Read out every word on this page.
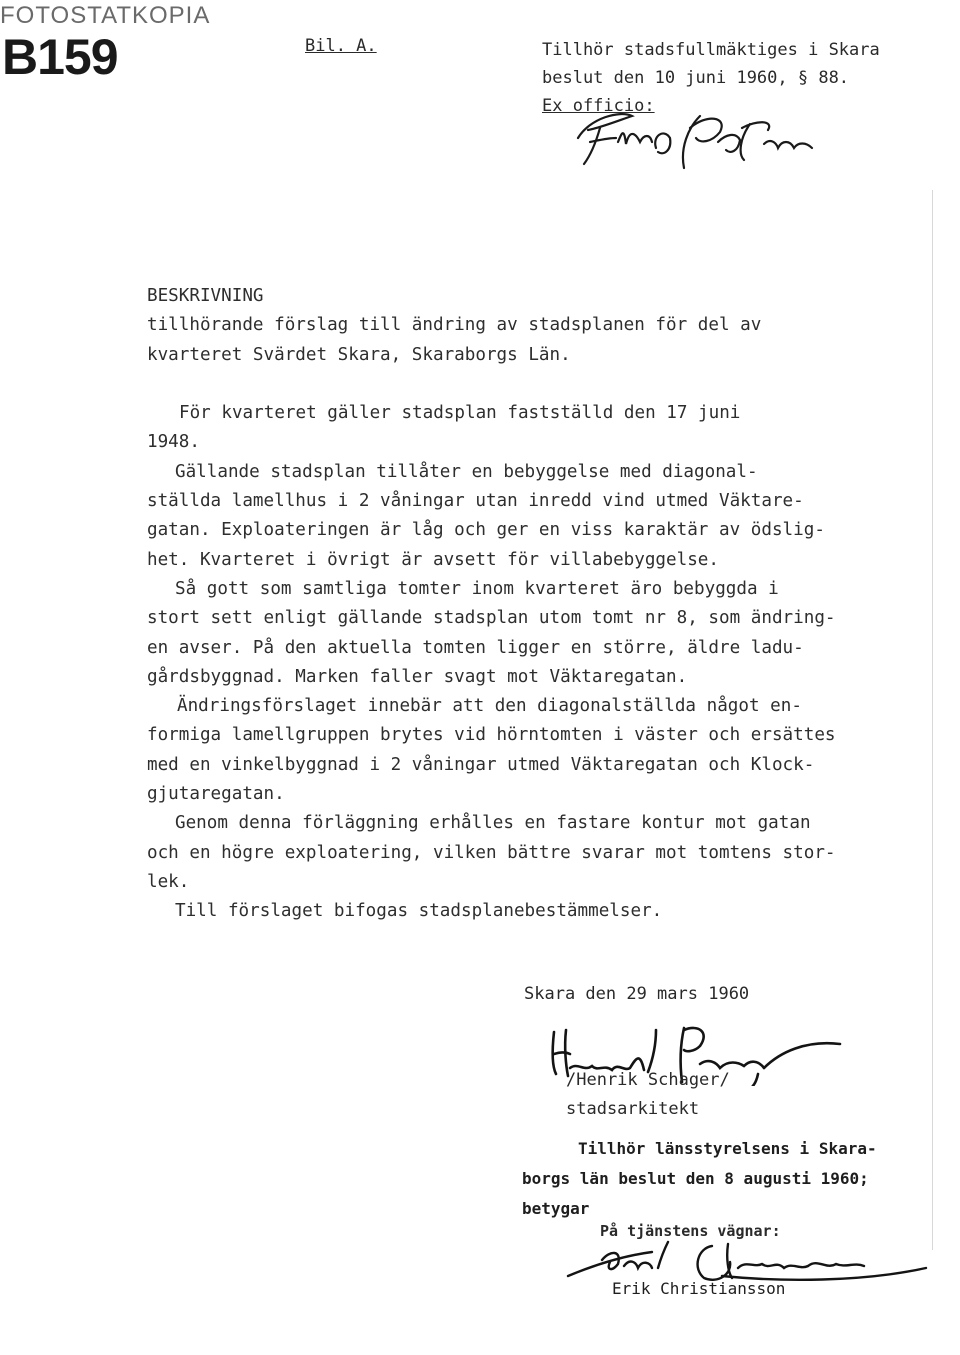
FOTOSTATKOPIA
B159	Bil. A.	Tillhör stadsfullmäktiges i Skara
beslut den 10 juni 1960, § 88.
Ex officio:

BESKRIVNING

tillhörande förslag till ändring av stadsplanen för del av

kvarteret Svärdet Skara, Skaraborgs Län.

För kvarteret gäller stadsplan fastställd den 17 juni

1948.

Gällande stadsplan tillåter en bebyggelse med diagonal-

ställda lamellhus i 2 våningar utan inredd vind utmed Väktare-

gatan. Exploateringen är låg och ger en viss karaktär av ödslig-

het. Kvarteret i övrigt är avsett för villabebyggelse.

Så gott som samtliga tomter inom kvarteret äro bebyggda i

stort sett enligt gällande stadsplan utom tomt nr 8, som ändring-

en avser. På den aktuella tomten ligger en större, äldre ladu-

gårdsbyggnad. Marken faller svagt mot Väktaregatan.

Ändringsförslaget innebär att den diagonalställda något en-

formiga lamellgruppen brytes vid hörntomten i väster och ersättes

med en vinkelbyggnad i 2 våningar utmed Väktaregatan och Klock-

gjutaregatan.

Genom denna förläggning erhålles en fastare kontur mot gatan

och en högre exploatering, vilken bättre svarar mot tomtens stor-

lek.

Till förslaget bifogas stadsplanebestämmelser.

Skara den 29 mars 1960
/Henrik Schager/
stadsarkitekt
Tillhör länsstyrelsens i Skara-
borgs län beslut den 8 augusti 1960;
betygar
På tjänstens vägnar:
Erik Christiansson
